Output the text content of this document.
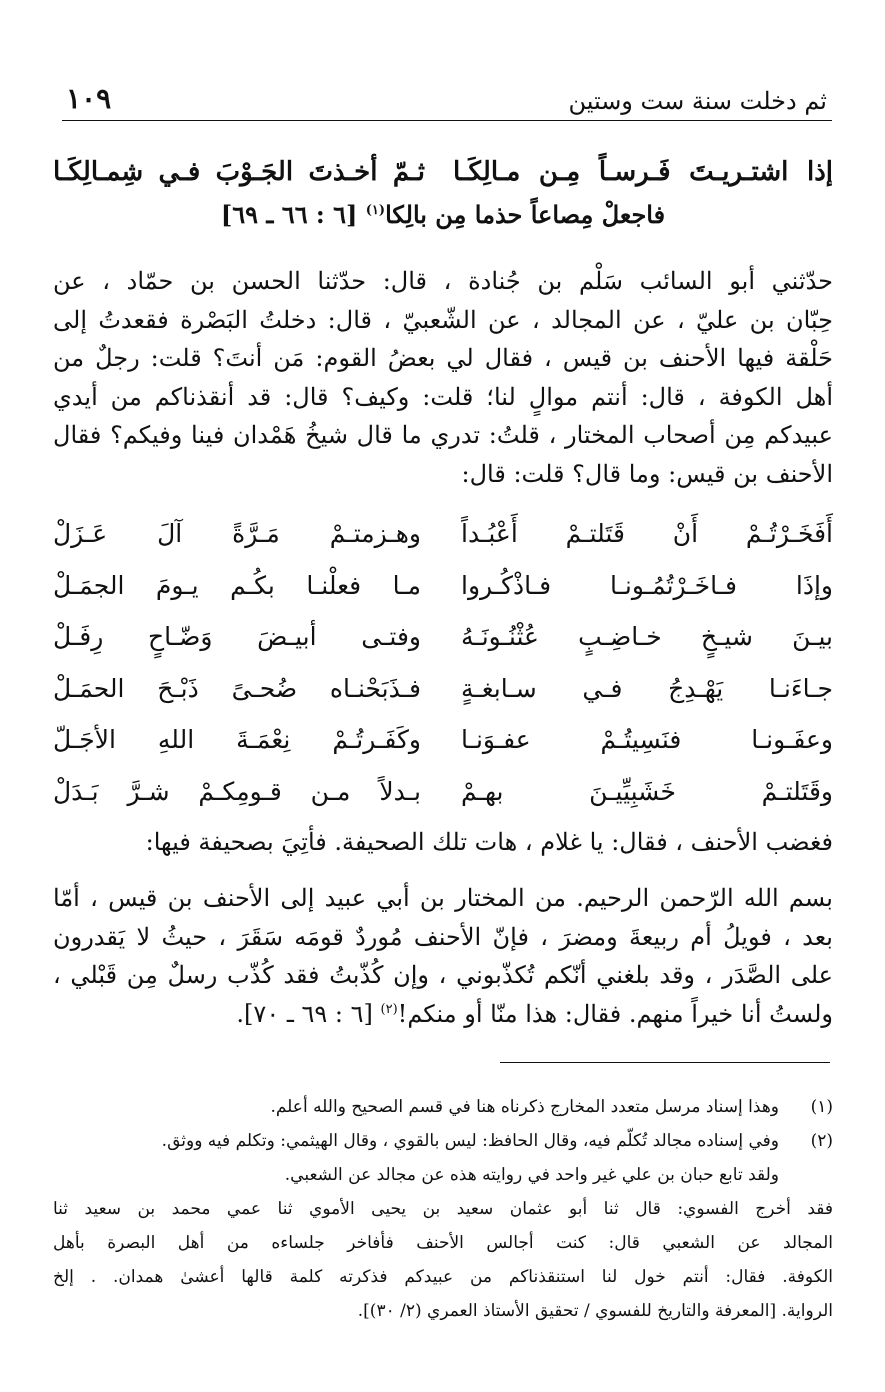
ثم دخلت سنة ست وستين
١٠٩
إذا اشتـريـتَ فَـرسـاً مِـن مـالِكَـا
ثـمّ أخـذتَ الجَـوْبَ فـي شِمـالِكَـا
فاجعلْ مِصاعاً حذما مِن بالِكا$^{(١)}$ [٦ : ٦٦ ـ ٦٩]
حدّثني أبو السائب سَلْم بن جُنادة ، قال: حدّثنا الحسن بن حمّاد ، عن
حِبّان بن عليّ ، عن المجالد ، عن الشّعبيّ ، قال: دخلتُ البَصْرة فقعدتُ إلى
حَلْقة فيها الأحنف بن قيس ، فقال لي بعضُ القوم: مَن أنتَ؟ قلت: رجلٌ من
أهل الكوفة ، قال: أنتم موالٍ لنا؛ قلت: وكيف؟ قال: قد أنقذناكم من أيدي
عبيدكم مِن أصحاب المختار ، قلتُ: تدري ما قال شيخُ هَمْدان فينا وفيكم؟ فقال
الأحنف بن قيس: وما قال؟ قلت: قال:
أَفَخَـرْتُـمْ أَنْ قَتَلتـمْ أَعْبُـداً
وهـزمتـمْ مَـرَّةً آلَ عَـزَلْ
وإذَا فـاخَـرْتُمُـونـا فـاذْكُـروا
مـا فعلْنـا بكُـم يـومَ الجمَـلْ
بيـنَ شيـخٍ خـاضِـبٍ عُثْنُـونَـهُ
وفتـى أبيـضَ وَضّـاحٍ رِفَـلْ
جـاءَنـا يَهْـدِجُ فـي سـابغـةٍ
فـذَبَحْنـاه ضُحـىً ذَبْـحَ الحمَـلْ
وعفَـونـا فنَسِيتُـمْ عفـوَنـا
وكَفَـرتُـمْ نِعْمَـةَ اللهِ الأجَـلّ
وقَتَلتـمْ خَشَبِيِّيـنَ بهـمْ
بـدلاً مـن قـومِكـمْ شـرَّ بَـدَلْ
فغضب الأحنف ، فقال: يا غلام ، هات تلك الصحيفة. فأتِيَ بصحيفة فيها:
بسم الله الرّحمن الرحيم. من المختار بن أبي عبيد إلى الأحنف بن قيس ، أمّا
بعد ، فويلُ أم ربيعةَ ومضرَ ، فإنّ الأحنف مُوردٌ قومَه سَقَرَ ، حيثُ لا يَقدرون
على الصَّدَر ، وقد بلغني أنّكم تُكذّبوني ، وإن كُذّبتُ فقد كُذّب رسلٌ مِن قَبْلي ،
ولستُ أنا خيراً منهم. فقال: هذا منّا أو منكم!$^{(٢)}$ [٦ : ٦٩ ـ ٧٠].
(١)
وهذا إسناد مرسل متعدد المخارج ذكرناه هنا في قسم الصحيح والله أعلم.
(٢)
وفي إسناده مجالد تُكلّم فيه، وقال الحافظ: ليس بالقوي ، وقال الهيثمي: وتكلم فيه ووثق.
ولقد تابع حبان بن علي غير واحد في روايته هذه عن مجالد عن الشعبي.
فقد أخرج الفسوي: قال ثنا أبو عثمان سعيد بن يحيى الأموي ثنا عمي محمد بن سعيد ثنا
المجالد عن الشعبي قال: كنت أجالس الأحنف فأفاخر جلساءه من أهل البصرة بأهل
الكوفة. فقال: أنتم خول لنا استنقذناكم من عبيدكم فذكرته كلمة قالها أعشىٰ همدان. . إلخ
الرواية. [المعرفة والتاريخ للفسوي / تحقيق الأستاذ العمري (٢/ ٣٠)].
